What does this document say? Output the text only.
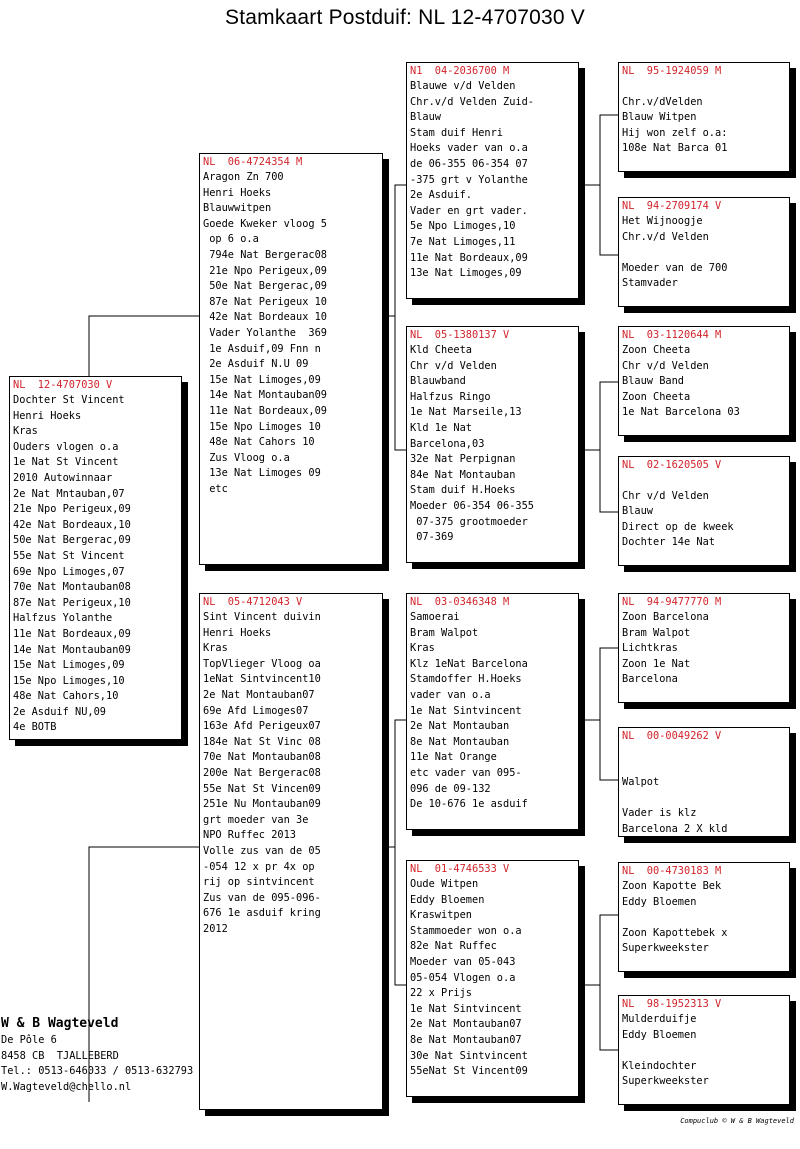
Stamkaart Postduif: NL 12-4707030 V
NL  12-4707030 V
Dochter St Vincent
Henri Hoeks
Kras
Ouders vlogen o.a
1e Nat St Vincent
2010 Autowinnaar
2e Nat Mntauban,07
21e Npo Perigeux,09
42e Nat Bordeaux,10
50e Nat Bergerac,09
55e Nat St Vincent
69e Npo Limoges,07
70e Nat Montauban08
87e Nat Perigeux,10
Halfzus Yolanthe
11e Nat Bordeaux,09
14e Nat Montauban09
15e Nat Limoges,09
15e Npo Limoges,10
48e Nat Cahors,10
2e Asduif NU,09
4e BOTB
NL  06-4724354 M
Aragon Zn 700
Henri Hoeks
Blauwwitpen
Goede Kweker vloog 5
op 6 o.a
794e Nat Bergerac08
21e Npo Perigeux,09
50e Nat Bergerac,09
87e Nat Perigeux 10
42e Nat Bordeaux 10
Vader Yolanthe  369
1e Asduif,09 Fnn n
2e Asduif N.U 09
15e Nat Limoges,09
14e Nat Montauban09
11e Nat Bordeaux,09
15e Npo Limoges 10
48e Nat Cahors 10
Zus Vloog o.a
13e Nat Limoges 09
etc
NL  05-4712043 V
Sint Vincent duivin
Henri Hoeks
Kras
TopVlieger Vloog oa
1eNat Sintvincent10
2e Nat Montauban07
69e Afd Limoges07
163e Afd Perigeux07
184e Nat St Vinc 08
70e Nat Montauban08
200e Nat Bergerac08
55e Nat St Vincen09
251e Nu Montauban09
grt moeder van 3e
NPO Ruffec 2013
Volle zus van de 05
-054 12 x pr 4x op
rij op sintvincent
Zus van de 095-096-
676 1e asduif kring
2012
N1  04-2036700 M
Blauwe v/d Velden
Chr.v/d Velden Zuid-
Blauw
Stam duif Henri
Hoeks vader van o.a
de 06-355 06-354 07
-375 grt v Yolanthe
2e Asduif.
Vader en grt vader.
5e Npo Limoges,10
7e Nat Limoges,11
11e Nat Bordeaux,09
13e Nat Limoges,09
NL  05-1380137 V
Kld Cheeta
Chr v/d Velden
Blauwband
Halfzus Ringo
1e Nat Marseile,13
Kld 1e Nat
Barcelona,03
32e Nat Perpignan
84e Nat Montauban
Stam duif H.Hoeks
Moeder 06-354 06-355
07-375 grootmoeder
07-369
NL  03-0346348 M
Samoerai
Bram Walpot
Kras
Klz 1eNat Barcelona
Stamdoffer H.Hoeks
vader van o.a
1e Nat Sintvincent
2e Nat Montauban
8e Nat Montauban
11e Nat Orange
etc vader van 095-
096 de 09-132
De 10-676 1e asduif
NL  01-4746533 V
Oude Witpen
Eddy Bloemen
Kraswitpen
Stammoeder won o.a
82e Nat Ruffec
Moeder van 05-043
05-054 Vlogen o.a
22 x Prijs
1e Nat Sintvincent
2e Nat Montauban07
8e Nat Montauban07
30e Nat Sintvincent
55eNat St Vincent09
NL  95-1924059 M

Chr.v/dVelden
Blauw Witpen
Hij won zelf o.a:
108e Nat Barca 01
NL  94-2709174 V
Het Wijnoogje
Chr.v/d Velden

Moeder van de 700
Stamvader
NL  03-1120644 M
Zoon Cheeta
Chr v/d Velden
Blauw Band
Zoon Cheeta
1e Nat Barcelona 03
NL  02-1620505 V

Chr v/d Velden
Blauw
Direct op de kweek
Dochter 14e Nat
NL  94-9477770 M
Zoon Barcelona
Bram Walpot
Lichtkras
Zoon 1e Nat
Barcelona
NL  00-0049262 V

Walpot

Vader is klz
Barcelona 2 X kld
NL  00-4730183 M
Zoon Kapotte Bek
Eddy Bloemen

Zoon Kapottebek x
Superkweekster
NL  98-1952313 V
Mulderduifje
Eddy Bloemen

Kleindochter
Superkweekster
W & B Wagteveld
De Pôle 6
8458 CB  TJALLEBERD
Tel.: 0513-646033 / 0513-632793
W.Wagteveld@chello.nl
Compuclub © W & B Wagteveld
